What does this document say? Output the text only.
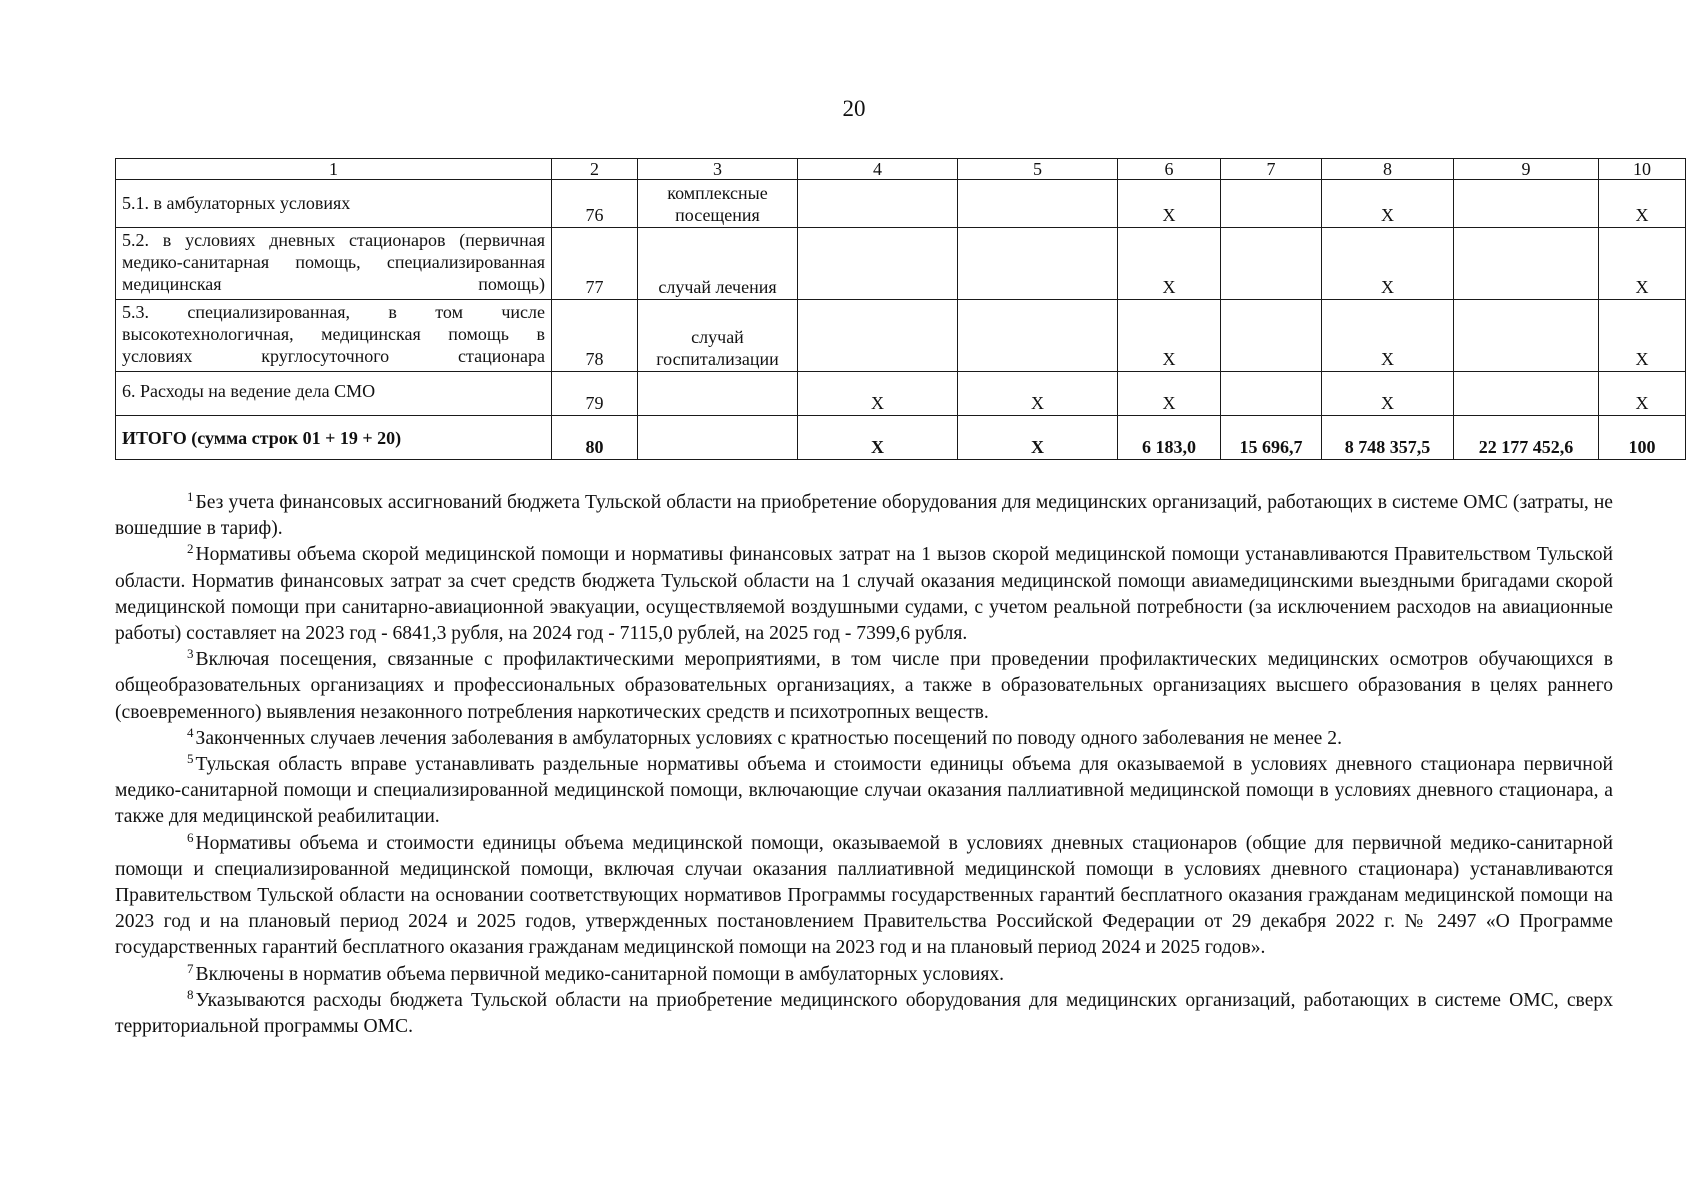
20
1	2	3	4	5	6	7	8	9	10
5.1. в амбулаторных условиях	76	комплексные посещения			Х		Х		Х
5.2. в условиях дневных стационаров (первичная медико-санитарная помощь, специализированная медицинская помощь)	77	случай лечения			Х		Х		Х
5.3. специализированная, в том числе высокотехнологичная, медицинская помощь в условиях круглосуточного стационара	78	случай госпитализации			Х		Х		Х
6. Расходы на ведение дела СМО	79		Х	Х	Х		Х		Х
ИТОГО (сумма строк 01 + 19 + 20)	80		Х	Х	6 183,0	15 696,7	8 748 357,5	22 177 452,6	100

$^1$ Без учета финансовых ассигнований бюджета Тульской области на приобретение оборудования для медицинских организаций, работающих в системе ОМС (затраты, не вошедшие в тариф).

$^2$ Нормативы объема скорой медицинской помощи и нормативы финансовых затрат на 1 вызов скорой медицинской помощи устанавливаются Правительством Тульской области. Норматив финансовых затрат за счет средств бюджета Тульской области на 1 случай оказания медицинской помощи авиамедицинскими выездными бригадами скорой медицинской помощи при санитарно-авиационной эвакуации, осуществляемой воздушными судами, с учетом реальной потребности (за исключением расходов на авиационные работы) составляет на 2023 год - 6841,3 рубля, на 2024 год - 7115,0 рублей, на 2025 год - 7399,6 рубля.

$^3$ Включая посещения, связанные с профилактическими мероприятиями, в том числе при проведении профилактических медицинских осмотров обучающихся в общеобразовательных организациях и профессиональных образовательных организациях, а также в образовательных организациях высшего образования в целях раннего (своевременного) выявления незаконного потребления наркотических средств и психотропных веществ.

$^4$ Законченных случаев лечения заболевания в амбулаторных условиях с кратностью посещений по поводу одного заболевания не менее 2.

$^5$ Тульская область вправе устанавливать раздельные нормативы объема и стоимости единицы объема для оказываемой в условиях дневного стационара первичной медико-санитарной помощи и специализированной медицинской помощи, включающие случаи оказания паллиативной медицинской помощи в условиях дневного стационара, а также для медицинской реабилитации.

$^6$ Нормативы объема и стоимости единицы объема медицинской помощи, оказываемой в условиях дневных стационаров (общие для первичной медико-санитарной помощи и специализированной медицинской помощи, включая случаи оказания паллиативной медицинской помощи в условиях дневного стационара) устанавливаются Правительством Тульской области на основании соответствующих нормативов Программы государственных гарантий бесплатного оказания гражданам медицинской помощи на 2023 год и на плановый период 2024 и 2025 годов, утвержденных постановлением Правительства Российской Федерации от 29 декабря 2022 г. № 2497 «О Программе государственных гарантий бесплатного оказания гражданам медицинской помощи на 2023 год и на плановый период 2024 и 2025 годов».

$^7$ Включены в норматив объема первичной медико-санитарной помощи в амбулаторных условиях.

$^8$ Указываются расходы бюджета Тульской области на приобретение медицинского оборудования для медицинских организаций, работающих в системе ОМС, сверх территориальной программы ОМС.
